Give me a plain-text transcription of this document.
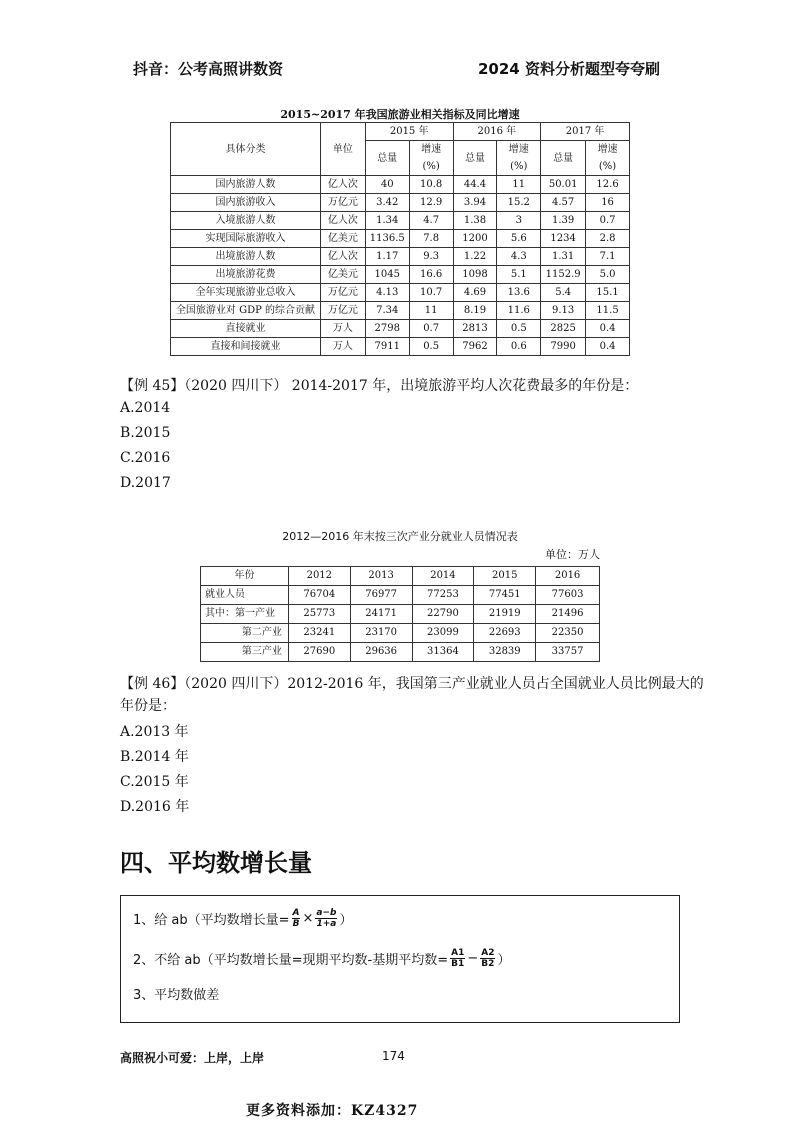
抖音：公考高照讲数资	2024 资料分析题型夸夸刷
2015~2017 年我国旅游业相关指标及同比增速
具体分类	单位	2015 年		2016 年		2017 年	
		总量	增速	总量	增速	总量	增速
			(%)		(%)		(%)
国内旅游人数	亿人次	40	10.8	44.4	11	50.01	12.6
国内旅游收入	万亿元	3.42	12.9	3.94	15.2	4.57	16
入境旅游人数	亿人次	1.34	4.7	1.38	3	1.39	0.7
实现国际旅游收入	亿美元	1136.5	7.8	1200	5.6	1234	2.8
出境旅游人数	亿人次	1.17	9.3	1.22	4.3	1.31	7.1
出境旅游花费	亿美元	1045	16.6	1098	5.1	1152.9	5.0
全年实现旅游业总收入	万亿元	4.13	10.7	4.69	13.6	5.4	15.1
全国旅游业对 GDP 的综合贡献	万亿元	7.34	11	8.19	11.6	9.13	11.5
直接就业	万人	2798	0.7	2813	0.5	2825	0.4
直接和间接就业	万人	7911	0.5	7962	0.6	7990	0.4
【例 45】（2020 四川下） 2014-2017 年，出境旅游平均人次花费最多的年份是：
A.2014
B.2015
C.2016
D.2017
2012—2016 年末按三次产业分就业人员情况表
单位：万人
年份	2012	2013	2014	2015	2016
就业人员	76704	76977	77253	77451	77603
其中：第一产业	25773	24171	22790	21919	21496
第二产业	23241	23170	23099	22693	22350
第三产业	27690	29636	31364	32839	33757
【例 46】（2020 四川下）2012-2016 年，我国第三产业就业人员占全国就业人员比例最大的
年份是：
A.2013 年
B.2014 年
C.2015 年
D.2016 年
四、平均数增长量
1、给 ab（平均数增长量= $\frac{A}{B} \times \frac{a-b}{1+a}$ ）
2、不给 ab（平均数增长量=现期平均数-基期平均数= $\frac{A1}{B1} - \frac{A2}{B2}$ ）
3、平均数做差
高照祝小可爱：上岸，上岸	174
更多资料添加：KZ4327
